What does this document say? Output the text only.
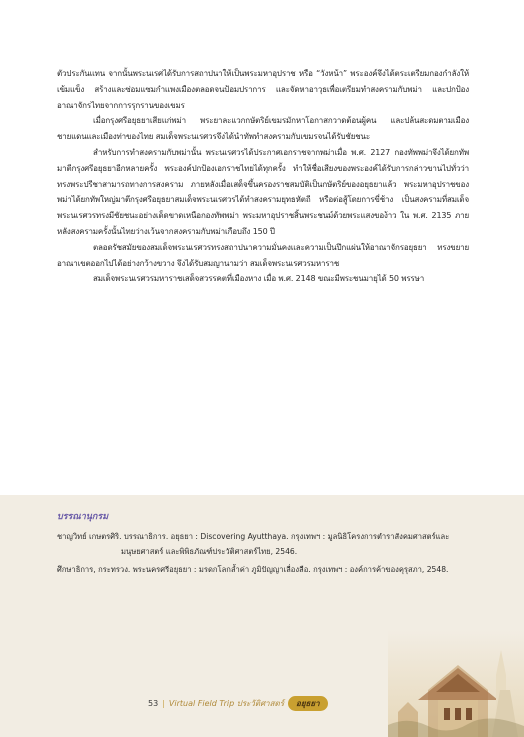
ตัวประกันแทน จากนั้นพระนเรศได้รับการสถาปนาให้เป็นพระมหาอุปราช หรือ “วังหน้า” พระองค์จึงได้ตระเตรียมกองกำลังให้เข้มแข็ง สร้างและซ่อมแซมกำแพงเมืองตลอดจนป้อมปราการ และจัดหาอาวุธเพื่อเตรียมทำสงครามกับพม่า และปกป้องอาณาจักรไทยจากการรุกรานของเขมร

เมื่อกรุงศรีอยุธยาเสียแก่พม่า พระยาละแวกกษัตริย์เขมรมักหาโอกาสกวาดต้อนผู้คน และปล้นสะดมตามเมืองชายแดนและเมืองท่าของไทย สมเด็จพระนเรศวรจึงได้นำทัพทำสงครามกับเขมรจนได้รับชัยชนะ

สำหรับการทำสงครามกับพม่านั้น พระนเรศวรได้ประกาศเอกราชจากพม่าเมื่อ พ.ศ. 2127 กองทัพพม่าจึงได้ยกทัพมาตีกรุงศรีอยุธยาอีกหลายครั้ง พระองค์ปกป้องเอกราชไทยได้ทุกครั้ง ทำให้ชื่อเสียงของพระองค์ได้รับการกล่าวขานไปทั่วว่าทรงพระปรีชาสามารถทางการสงคราม ภายหลังเมื่อเสด็จขึ้นครองราชสมบัติเป็นกษัตริย์ของอยุธยาแล้ว พระมหาอุปราชของพม่าได้ยกทัพใหญ่มาตีกรุงศรีอยุธยาสมเด็จพระนเรศวรได้ทำสงครามยุทธหัตถี หรือต่อสู้โดยการขี่ช้าง เป็นสงครามที่สมเด็จพระนเรศวรทรงมีชัยชนะอย่างเด็ดขาดเหนือกองทัพพม่า พระมหาอุปราชสิ้นพระชนม์ด้วยพระแสงของ้าว ใน พ.ศ. 2135 ภายหลังสงครามครั้งนั้นไทยว่างเว้นจากสงครามกับพม่าเกือบถึง 150 ปี

ตลอดรัชสมัยของสมเด็จพระนเรศวรทรงสถาปนาความมั่นคงและความเป็นปึกแผ่นให้อาณาจักรอยุธยา ทรงขยายอาณาเขตออกไปได้อย่างกว้างขวาง จึงได้รับสมญานามว่า สมเด็จพระนเรศวรมหาราช

สมเด็จพระนเรศวรมหาราชเสด็จสวรรคตที่เมืองหาง เมื่อ พ.ศ. 2148 ขณะมีพระชนมายุได้ 50 พรรษา

บรรณานุกรม
ชาญวิทย์ เกษตรศิริ. บรรณาธิการ. อยุธยา : Discovering Ayutthaya. กรุงเทพฯ : มูลนิธิโครงการตำราสังคมศาสตร์และมนุษยศาสตร์ และพิพิธภัณฑ์ประวัติศาสตร์ไทย, 2546.
ศึกษาธิการ, กระทรวง. พระนครศรีอยุธยา : มรดกโลกล้ำค่า ภูมิปัญญาเลื่องลือ. กรุงเทพฯ : องค์การค้าของคุรุสภา, 2548.
53 | Virtual Field Trip ประวัติศาสตร์	อยุธยา
